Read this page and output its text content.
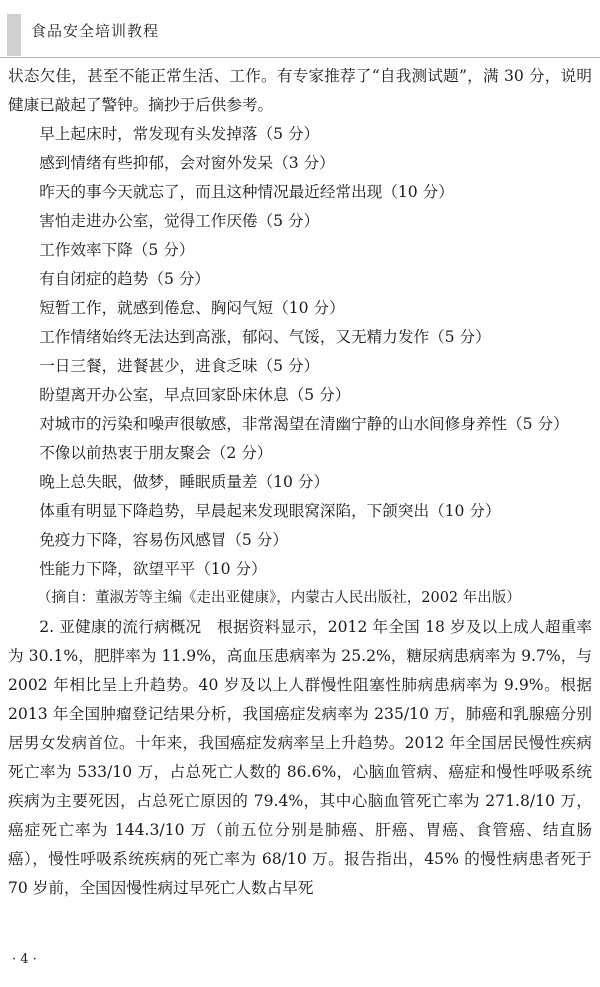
食品安全培训教程

状态欠佳，甚至不能正常生活、工作。有专家推荐了“自我测试题”，满 30 分，说明健康已敲起了警钟。摘抄于后供参考。

早上起床时，常发现有头发掉落（5 分）

感到情绪有些抑郁，会对窗外发呆（3 分）

昨天的事今天就忘了，而且这种情况最近经常出现（10 分）

害怕走进办公室，觉得工作厌倦（5 分）

工作效率下降（5 分）

有自闭症的趋势（5 分）

短暂工作，就感到倦怠、胸闷气短（10 分）

工作情绪始终无法达到高涨，郁闷、气馁，又无精力发作（5 分）

一日三餐，进餐甚少，进食乏味（5 分）

盼望离开办公室，早点回家卧床休息（5 分）

对城市的污染和噪声很敏感，非常渴望在清幽宁静的山水间修身养性（5 分）

不像以前热衷于朋友聚会（2 分）

晚上总失眠，做梦，睡眠质量差（10 分）

体重有明显下降趋势，早晨起来发现眼窝深陷，下颌突出（10 分）

免疫力下降，容易伤风感冒（5 分）

性能力下降，欲望平平（10 分）

（摘自：董淑芳等主编《走出亚健康》，内蒙古人民出版社，2002 年出版）

2. 亚健康的流行病概况　根据资料显示，2012 年全国 18 岁及以上成人超重率为 30.1%，肥胖率为 11.9%，高血压患病率为 25.2%，糖尿病患病率为 9.7%，与 2002 年相比呈上升趋势。40 岁及以上人群慢性阻塞性肺病患病率为 9.9%。根据 2013 年全国肿瘤登记结果分析，我国癌症发病率为 235/10 万，肺癌和乳腺癌分别居男女发病首位。十年来，我国癌症发病率呈上升趋势。2012 年全国居民慢性疾病死亡率为 533/10 万，占总死亡人数的 86.6%，心脑血管病、癌症和慢性呼吸系统疾病为主要死因，占总死亡原因的 79.4%，其中心脑血管死亡率为 271.8/10 万，癌症死亡率为 144.3/10 万（前五位分别是肺癌、肝癌、胃癌、食管癌、结直肠癌），慢性呼吸系统疾病的死亡率为 68/10 万。报告指出，45% 的慢性病患者死于 70 岁前，全国因慢性病过早死亡人数占早死

· 4 ·
